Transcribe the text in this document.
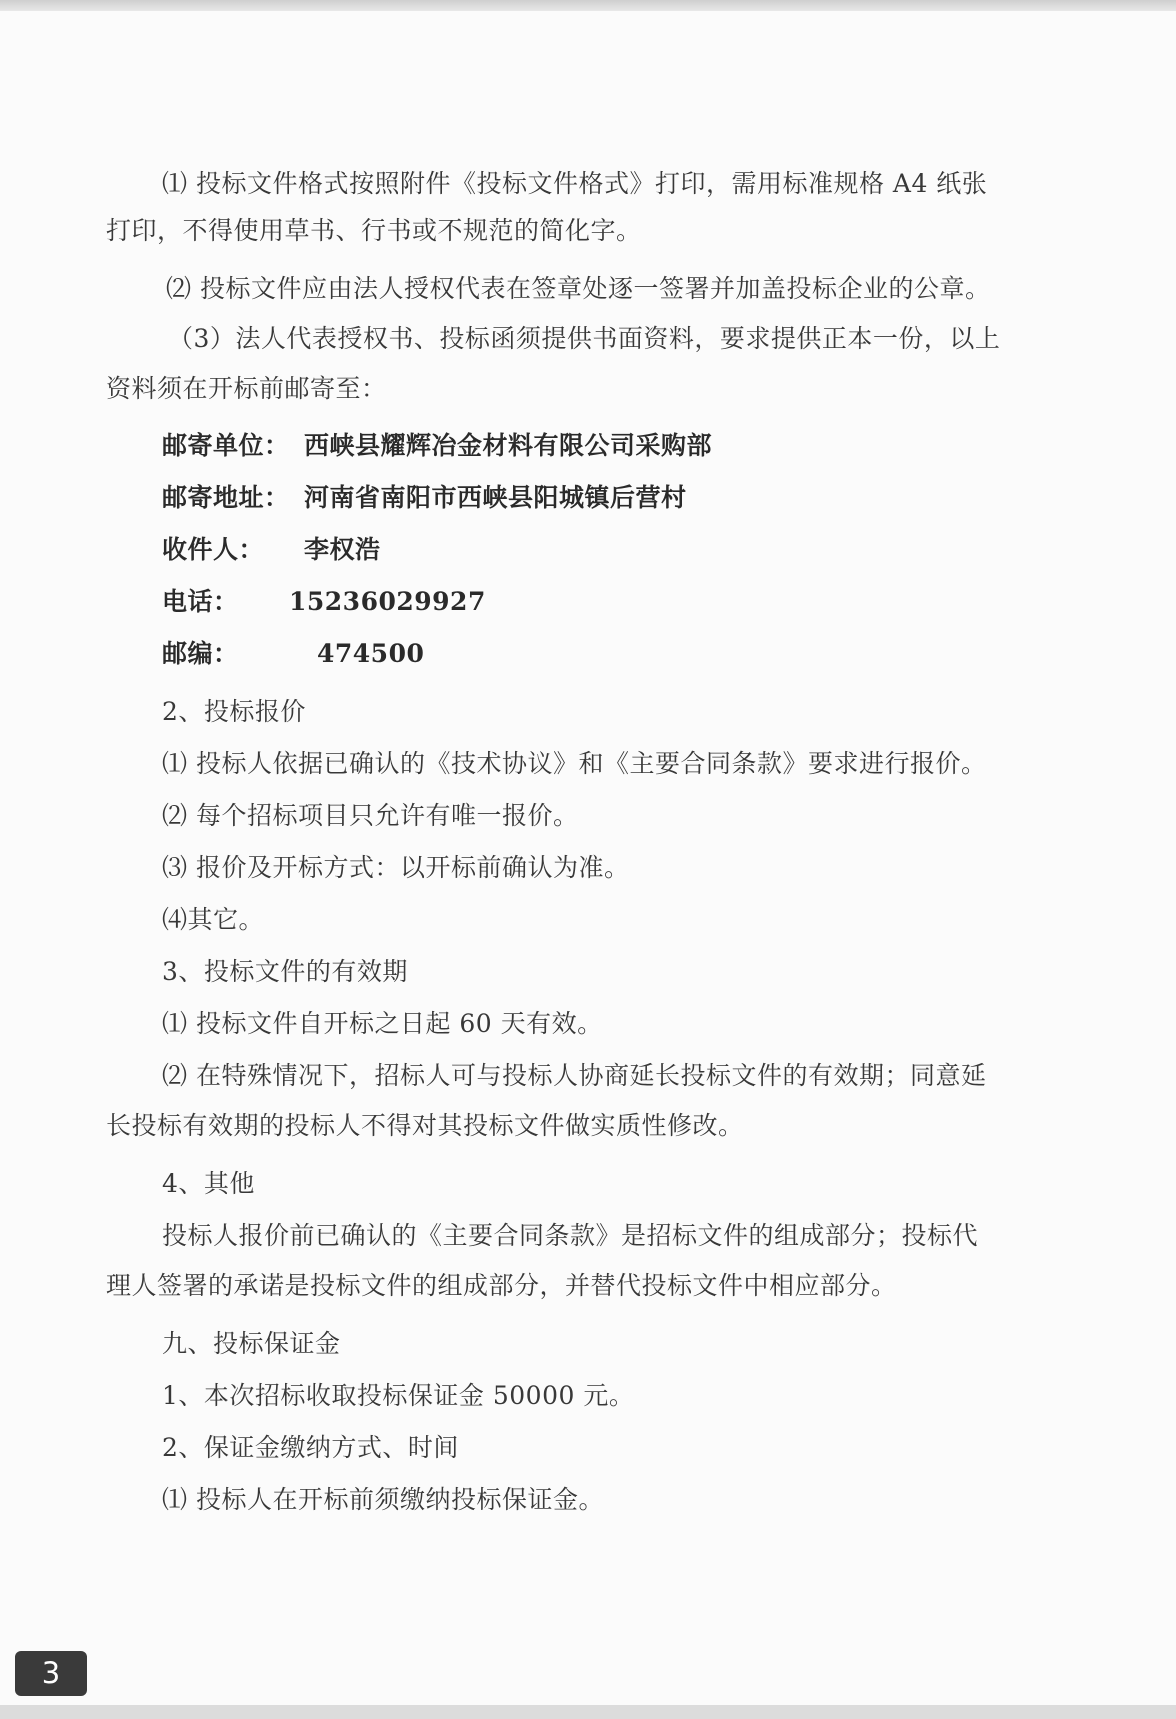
⑴ 投标文件格式按照附件《投标文件格式》打印，需用标准规格 A4 纸张

打印，不得使用草书、行书或不规范的简化字。

⑵ 投标文件应由法人授权代表在签章处逐一签署并加盖投标企业的公章。

（3）法人代表授权书、投标函须提供书面资料，要求提供正本一份，以上

资料须在开标前邮寄至：

邮寄单位： 西峡县耀辉冶金材料有限公司采购部

邮寄地址： 河南省南阳市西峡县阳城镇后营村

收件人： 李权浩

电话： 15236029927

邮编：	474500

2、投标报价

⑴ 投标人依据已确认的《技术协议》和《主要合同条款》要求进行报价。

⑵ 每个招标项目只允许有唯一报价。

⑶ 报价及开标方式：以开标前确认为准。

⑷其它。

3、投标文件的有效期

⑴ 投标文件自开标之日起 60 天有效。

⑵ 在特殊情况下，招标人可与投标人协商延长投标文件的有效期；同意延

长投标有效期的投标人不得对其投标文件做实质性修改。

4、其他

投标人报价前已确认的《主要合同条款》是招标文件的组成部分；投标代

理人签署的承诺是投标文件的组成部分，并替代投标文件中相应部分。

九、投标保证金

1、本次招标收取投标保证金 50000 元。

2、保证金缴纳方式、时间

⑴ 投标人在开标前须缴纳投标保证金。

3
